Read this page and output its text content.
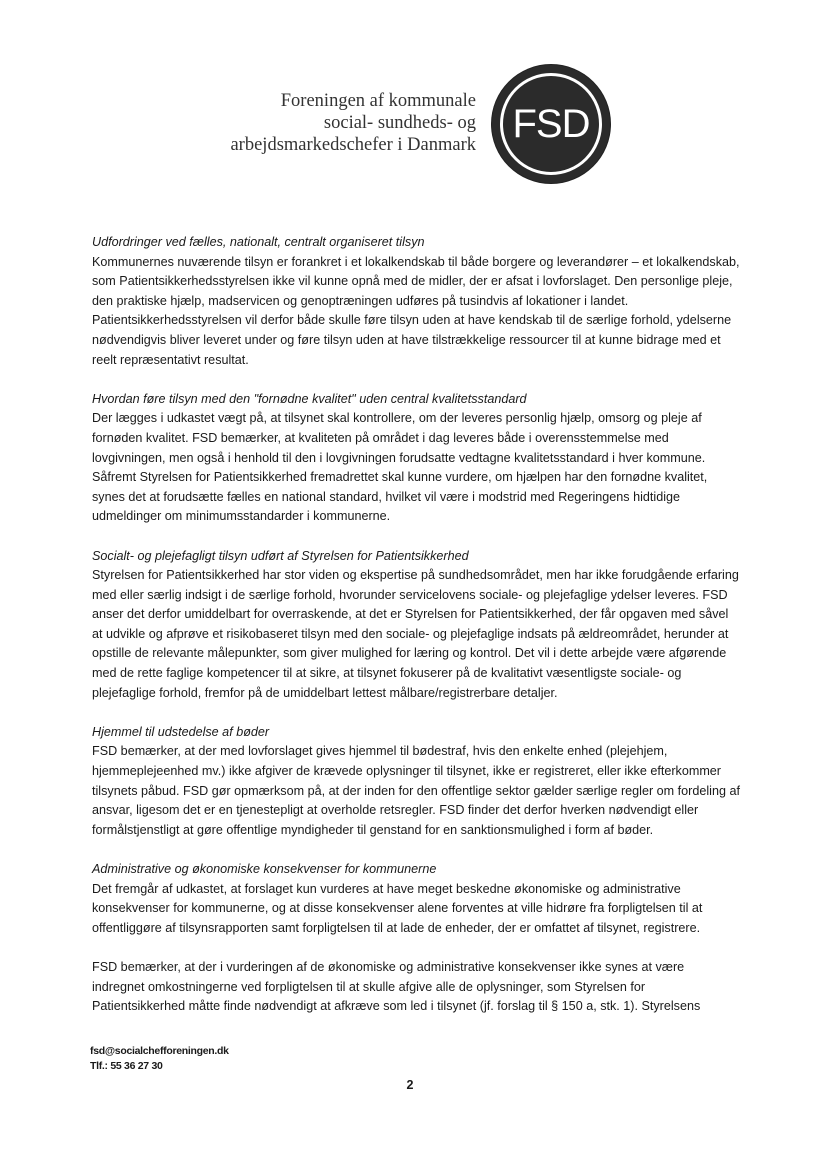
Foreningen af kommunale
social- sundheds- og
arbejdsmarkedschefer i Danmark FSD
Udfordringer ved fælles, nationalt, centralt organiseret tilsyn

Kommunernes nuværende tilsyn er forankret i et lokalkendskab til både borgere og leverandører – et lokalkendskab, som Patientsikkerhedsstyrelsen ikke vil kunne opnå med de midler, der er afsat i lovforslaget. Den personlige pleje, den praktiske hjælp, madservicen og genoptræningen udføres på tusindvis af lokationer i landet. Patientsikkerhedsstyrelsen vil derfor både skulle føre tilsyn uden at have kendskab til de særlige forhold, ydelserne nødvendigvis bliver leveret under og føre tilsyn uden at have tilstrækkelige ressourcer til at kunne bidrage med et reelt repræsentativt resultat.

Hvordan føre tilsyn med den "fornødne kvalitet" uden central kvalitetsstandard

Der lægges i udkastet vægt på, at tilsynet skal kontrollere, om der leveres personlig hjælp, omsorg og pleje af fornøden kvalitet. FSD bemærker, at kvaliteten på området i dag leveres både i overensstemmelse med lovgivningen, men også i henhold til den i lovgivningen forudsatte vedtagne kvalitetsstandard i hver kommune. Såfremt Styrelsen for Patientsikkerhed fremadrettet skal kunne vurdere, om hjælpen har den fornødne kvalitet, synes det at forudsætte fælles en national standard, hvilket vil være i modstrid med Regeringens hidtidige udmeldinger om minimumsstandarder i kommunerne.

Socialt- og plejefagligt tilsyn udført af Styrelsen for Patientsikkerhed

Styrelsen for Patientsikkerhed har stor viden og ekspertise på sundhedsområdet, men har ikke forudgående erfaring med eller særlig indsigt i de særlige forhold, hvorunder servicelovens sociale- og plejefaglige ydelser leveres. FSD anser det derfor umiddelbart for overraskende, at det er Styrelsen for Patientsikkerhed, der får opgaven med såvel at udvikle og afprøve et risikobaseret tilsyn med den sociale- og plejefaglige indsats på ældreområdet, herunder at opstille de relevante målepunkter, som giver mulighed for læring og kontrol. Det vil i dette arbejde være afgørende med de rette faglige kompetencer til at sikre, at tilsynet fokuserer på de kvalitativt væsentligste sociale- og plejefaglige forhold, fremfor på de umiddelbart lettest målbare/registrerbare detaljer.

Hjemmel til udstedelse af bøder

FSD bemærker, at der med lovforslaget gives hjemmel til bødestraf, hvis den enkelte enhed (plejehjem, hjemmeplejeenhed mv.) ikke afgiver de krævede oplysninger til tilsynet, ikke er registreret, eller ikke efterkommer tilsynets påbud. FSD gør opmærksom på, at der inden for den offentlige sektor gælder særlige regler om fordeling af ansvar, ligesom det er en tjenestepligt at overholde retsregler. FSD finder det derfor hverken nødvendigt eller formålstjenstligt at gøre offentlige myndigheder til genstand for en sanktionsmulighed i form af bøder.

Administrative og økonomiske konsekvenser for kommunerne

Det fremgår af udkastet, at forslaget kun vurderes at have meget beskedne økonomiske og administrative konsekvenser for kommunerne, og at disse konsekvenser alene forventes at ville hidrøre fra forpligtelsen til at offentliggøre af tilsynsrapporten samt forpligtelsen til at lade de enheder, der er omfattet af tilsynet, registrere.

FSD bemærker, at der i vurderingen af de økonomiske og administrative konsekvenser ikke synes at være indregnet omkostningerne ved forpligtelsen til at skulle afgive alle de oplysninger, som Styrelsen for Patientsikkerhed måtte finde nødvendigt at afkræve som led i tilsynet (jf. forslag til § 150 a, stk. 1). Styrelsens

fsd@socialchefforeningen.dk
Tlf.: 55 36 27 30
2
